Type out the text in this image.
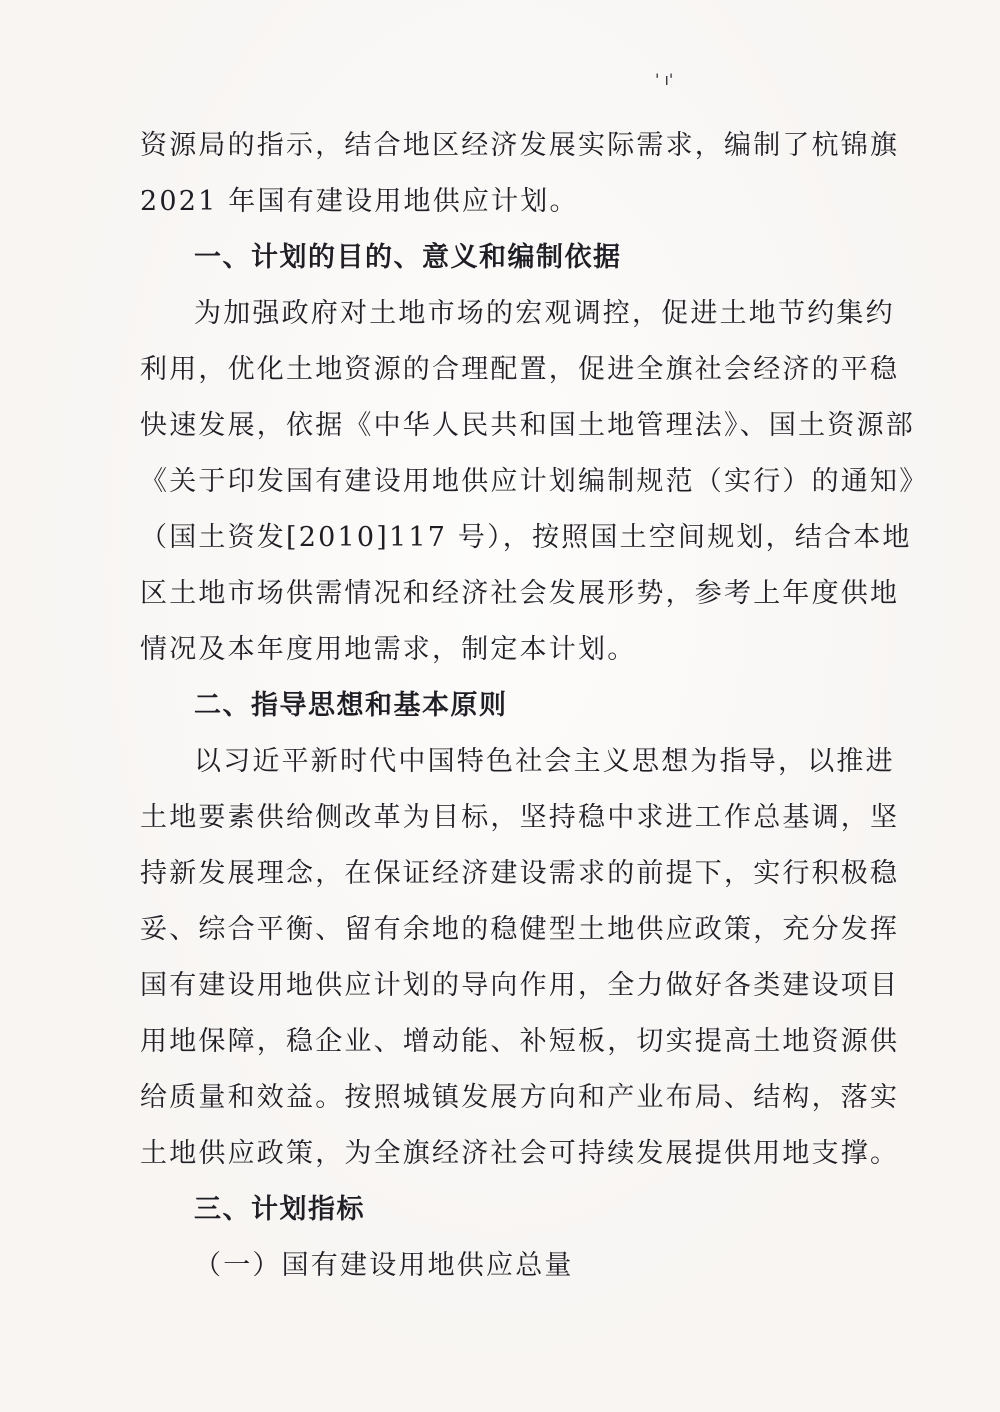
' ı'
资源局的指示，结合地区经济发展实际需求，编制了杭锦旗
2021 年国有建设用地供应计划。
一、计划的目的、意义和编制依据
为加强政府对土地市场的宏观调控，促进土地节约集约
利用，优化土地资源的合理配置，促进全旗社会经济的平稳
快速发展，依据《中华人民共和国土地管理法》、国土资源部
《关于印发国有建设用地供应计划编制规范（实行）的通知》
（国土资发[2010]117 号），按照国土空间规划，结合本地
区土地市场供需情况和经济社会发展形势，参考上年度供地
情况及本年度用地需求，制定本计划。
二、指导思想和基本原则
以习近平新时代中国特色社会主义思想为指导，以推进
土地要素供给侧改革为目标，坚持稳中求进工作总基调，坚
持新发展理念，在保证经济建设需求的前提下，实行积极稳
妥、综合平衡、留有余地的稳健型土地供应政策，充分发挥
国有建设用地供应计划的导向作用，全力做好各类建设项目
用地保障，稳企业、增动能、补短板，切实提高土地资源供
给质量和效益。按照城镇发展方向和产业布局、结构，落实
土地供应政策，为全旗经济社会可持续发展提供用地支撑。
三、计划指标
（一）国有建设用地供应总量
